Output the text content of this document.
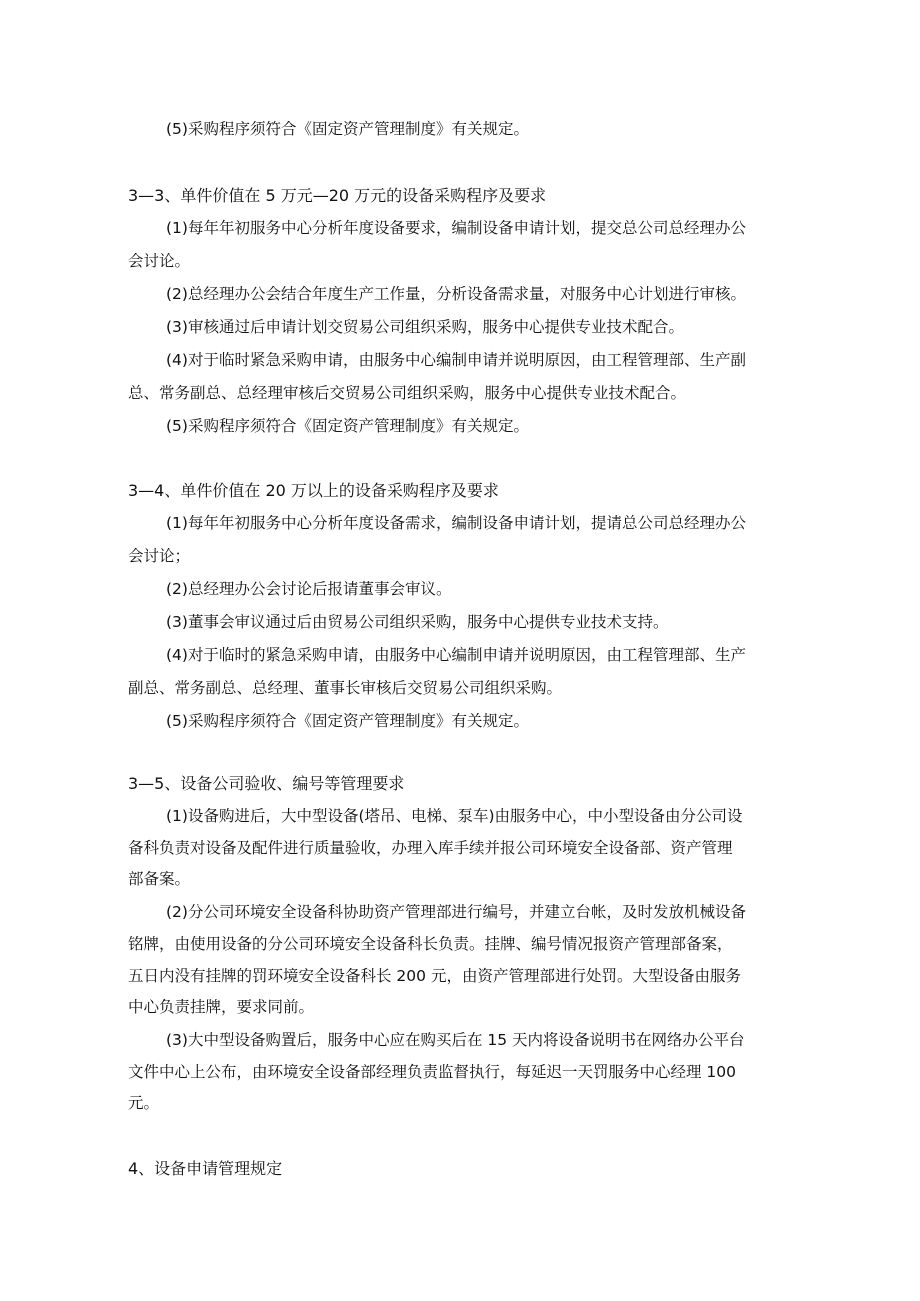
(5)采购程序须符合《固定资产管理制度》有关规定。
3—3、单件价值在 5 万元—20 万元的设备采购程序及要求
(1)每年年初服务中心分析年度设备要求，编制设备申请计划，提交总公司总经理办公
会讨论。
(2)总经理办公会结合年度生产工作量，分析设备需求量，对服务中心计划进行审核。
(3)审核通过后申请计划交贸易公司组织采购，服务中心提供专业技术配合。
(4)对于临时紧急采购申请，由服务中心编制申请并说明原因，由工程管理部、生产副
总、常务副总、总经理审核后交贸易公司组织采购，服务中心提供专业技术配合。
(5)采购程序须符合《固定资产管理制度》有关规定。
3—4、单件价值在 20 万以上的设备采购程序及要求
(1)每年年初服务中心分析年度设备需求，编制设备申请计划，提请总公司总经理办公
会讨论；
(2)总经理办公会讨论后报请董事会审议。
(3)董事会审议通过后由贸易公司组织采购，服务中心提供专业技术支持。
(4)对于临时的紧急采购申请，由服务中心编制申请并说明原因，由工程管理部、生产
副总、常务副总、总经理、董事长审核后交贸易公司组织采购。
(5)采购程序须符合《固定资产管理制度》有关规定。
3—5、设备公司验收、编号等管理要求
(1)设备购进后，大中型设备(塔吊、电梯、泵车)由服务中心，中小型设备由分公司设
备科负责对设备及配件进行质量验收，办理入库手续并报公司环境安全设备部、资产管理
部备案。
(2)分公司环境安全设备科协助资产管理部进行编号，并建立台帐，及时发放机械设备
铭牌，由使用设备的分公司环境安全设备科长负责。挂牌、编号情况报资产管理部备案，
五日内没有挂牌的罚环境安全设备科长 200 元，由资产管理部进行处罚。大型设备由服务
中心负责挂牌，要求同前。
(3)大中型设备购置后，服务中心应在购买后在 15 天内将设备说明书在网络办公平台
文件中心上公布，由环境安全设备部经理负责监督执行，每延迟一天罚服务中心经理 100
元。
4、设备申请管理规定
